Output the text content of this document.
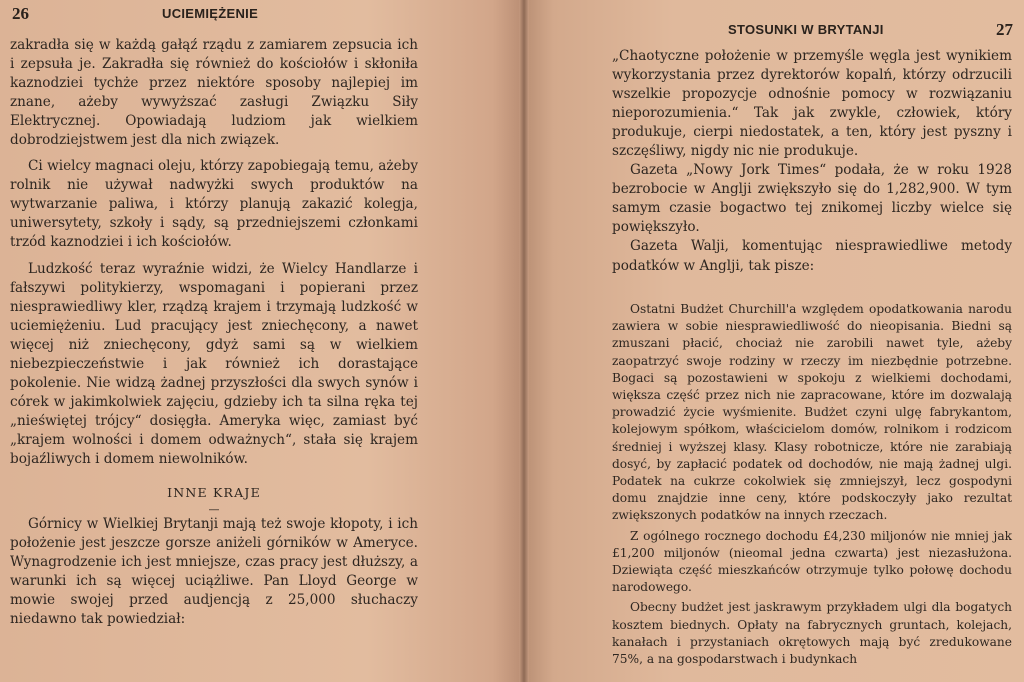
26	UCIEMIĘŻENIE

zakradła się w każdą gałąź rządu z zamiarem zepsucia ich i zepsuła je. Zakradła się również do kościołów i skłoniła kaznodziei tychże przez niektóre sposoby najlepiej im znane, ażeby wywyższać zasługi Związku Siły Elektrycznej. Opowiadają ludziom jak wielkiem dobrodziejstwem jest dla nich związek.

Ci wielcy magnaci oleju, którzy zapobiegają temu, ażeby rolnik nie używał nadwyżki swych produktów na wytwarzanie paliwa, i którzy planują zakazić kolegja, uniwersytety, szkoły i sądy, są przedniejszemi członkami trzód kaznodziei i ich kościołów.

Ludzkość teraz wyraźnie widzi, że Wielcy Handlarze i fałszywi politykierzy, wspomagani i popierani przez niesprawiedliwy kler, rządzą krajem i trzymają ludzkość w uciemiężeniu. Lud pracujący jest zniechęcony, a nawet więcej niż zniechęcony, gdyż sami są w wielkiem niebezpieczeństwie i jak również ich dorastające pokolenie. Nie widzą żadnej przyszłości dla swych synów i córek w jakimkolwiek zajęciu, gdzieby ich ta silna ręka tej „nieświętej trójcy“ dosięgła. Ameryka więc, zamiast być „krajem wolności i domem odważnych“, stała się krajem bojaźliwych i domem niewolników.

INNE KRAJE
—

Górnicy w Wielkiej Brytanji mają też swoje kłopoty, i ich położenie jest jeszcze gorsze aniżeli górników w Ameryce. Wynagrodzenie ich jest mniejsze, czas pracy jest dłuższy, a warunki ich są więcej uciążliwe. Pan Lloyd George w mowie swojej przed audjencją z 25,000 słuchaczy niedawno tak powiedział:

STOSUNKI W BRYTANJI	27

„Chaotyczne położenie w przemyśle węgla jest wynikiem wykorzystania przez dyrektorów kopalń, którzy odrzucili wszelkie propozycje odnośnie pomocy w rozwiązaniu nieporozumienia.“ Tak jak zwykle, człowiek, który produkuje, cierpi niedostatek, a ten, który jest pyszny i szczęśliwy, nigdy nic nie produkuje.

Gazeta „Nowy Jork Times“ podała, że w roku 1928 bezrobocie w Anglji zwiększyło się do 1,282,900. W tym samym czasie bogactwo tej znikomej liczby wielce się powiększyło.

Gazeta Walji, komentując niesprawiedliwe metody podatków w Anglji, tak pisze:

Ostatni Budżet Churchill'a względem opodatkowania narodu zawiera w sobie niesprawiedliwość do nieopisania. Biedni są zmuszani płacić, chociaż nie zarobili nawet tyle, ażeby zaopatrzyć swoje rodziny w rzeczy im niezbędnie potrzebne. Bogaci są pozostawieni w spokoju z wielkiemi dochodami, większa część przez nich nie zapracowane, które im dozwalają prowadzić życie wyśmienite. Budżet czyni ulgę fabrykantom, kolejowym spółkom, właścicielom domów, rolnikom i rodzicom średniej i wyższej klasy. Klasy robotnicze, które nie zarabiają dosyć, by zapłacić podatek od dochodów, nie mają żadnej ulgi. Podatek na cukrze cokolwiek się zmniejszył, lecz gospodyni domu znajdzie inne ceny, które podskoczyły jako rezultat zwiększonych podatków na innych rzeczach.

Z ogólnego rocznego dochodu £4,230 miljonów nie mniej jak £1,200 miljonów (nieomal jedna czwarta) jest niezasłużona. Dziewiąta część mieszkańców otrzymuje tylko połowę dochodu narodowego.

Obecny budżet jest jaskrawym przykładem ulgi dla bogatych kosztem biednych. Opłaty na fabrycznych gruntach, kolejach, kanałach i przystaniach okrętowych mają być zredukowane 75%, a na gospodarstwach i budynkach
